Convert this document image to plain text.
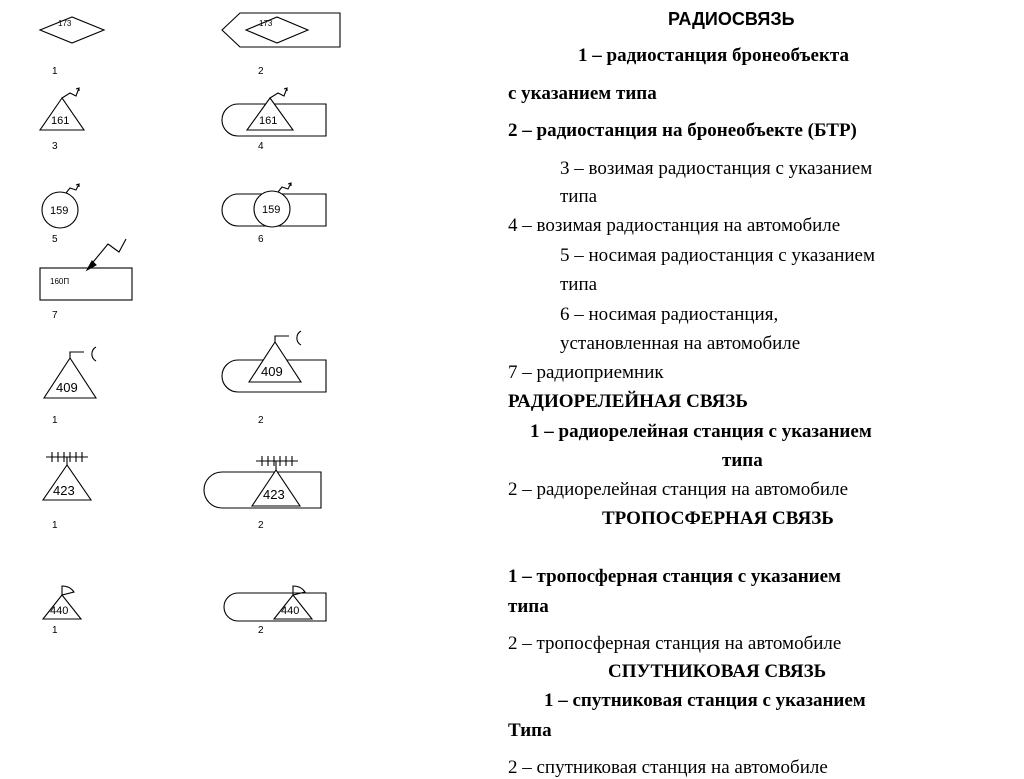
173	173
1	2
161	161
3	4
159	159
5	6
160П
7
409
409
1	2
423	423
1	2
440	440
1	2
РАДИОСВЯЗЬ
1 – радиостанция бронеобъекта
с указанием типа
2 – радиостанция на бронеобъекте (БТР)
3 – возимая радиостанция с указанием
типа
4 – возимая радиостанция на автомобиле
5 – носимая радиостанция с указанием
типа
6 – носимая радиостанция,
установленная на автомобиле
7 – радиоприемник
РАДИОРЕЛЕЙНАЯ СВЯЗЬ
1 – радиорелейная станция с указанием
типа
2 – радиорелейная станция на автомобиле
ТРОПОСФЕРНАЯ СВЯЗЬ
1 – тропосферная станция с указанием
типа
2 – тропосферная станция на автомобиле
СПУТНИКОВАЯ СВЯЗЬ
1 – спутниковая станция с указанием
Типа
2 – спутниковая станция на автомобиле
